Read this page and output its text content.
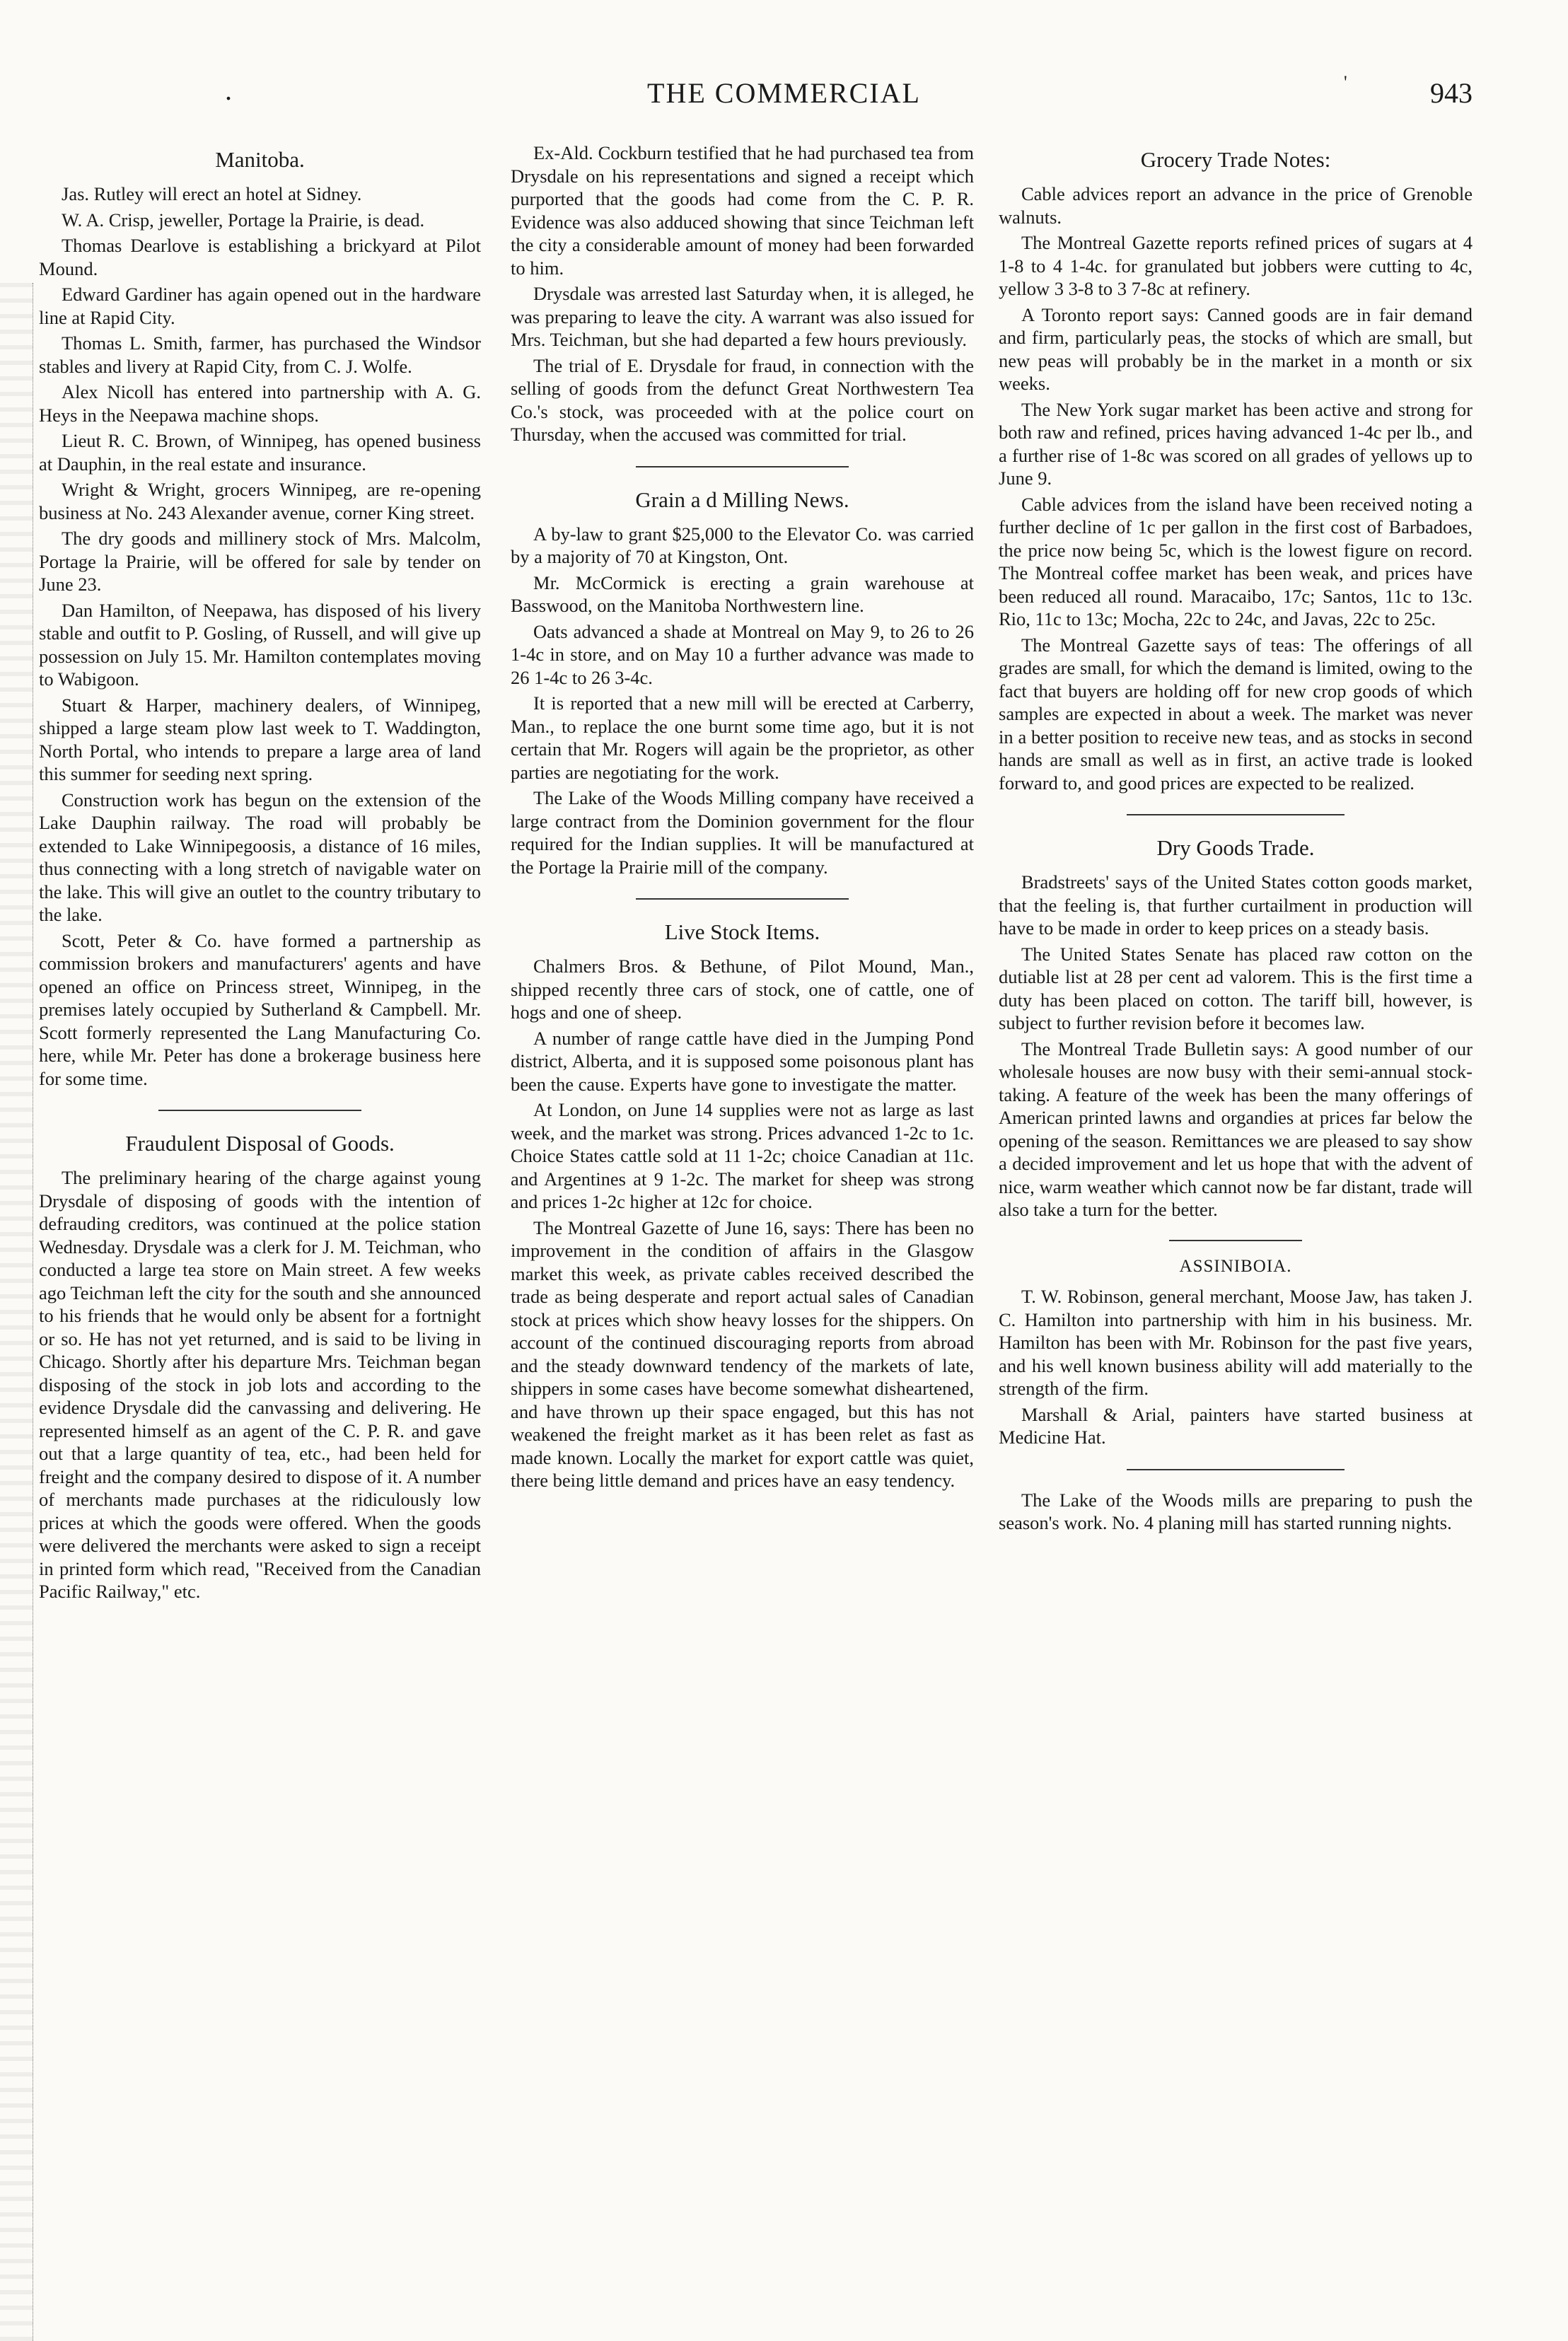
.	THE COMMERCIAL	'	943
Manitoba.

Jas. Rutley will erect an hotel at Sidney.

W. A. Crisp, jeweller, Portage la Prairie, is dead.

Thomas Dearlove is establishing a brickyard at Pilot Mound.

Edward Gardiner has again opened out in the hardware line at Rapid City.

Thomas L. Smith, farmer, has purchased the Windsor stables and livery at Rapid City, from C. J. Wolfe.

Alex Nicoll has entered into partnership with A. G. Heys in the Neepawa machine shops.

Lieut R. C. Brown, of Winnipeg, has opened business at Dauphin, in the real estate and insurance.

Wright & Wright, grocers Winnipeg, are re-opening business at No. 243 Alexander avenue, corner King street.

The dry goods and millinery stock of Mrs. Malcolm, Portage la Prairie, will be offered for sale by tender on June 23.

Dan Hamilton, of Neepawa, has disposed of his livery stable and outfit to P. Gosling, of Russell, and will give up possession on July 15. Mr. Hamilton contemplates moving to Wabigoon.

Stuart & Harper, machinery dealers, of Winnipeg, shipped a large steam plow last week to T. Waddington, North Portal, who intends to prepare a large area of land this summer for seeding next spring.

Construction work has begun on the extension of the Lake Dauphin railway. The road will probably be extended to Lake Winnipegoosis, a distance of 16 miles, thus connecting with a long stretch of navigable water on the lake. This will give an outlet to the country tributary to the lake.

Scott, Peter & Co. have formed a partnership as commission brokers and manufacturers' agents and have opened an office on Princess street, Winnipeg, in the premises lately occupied by Sutherland & Campbell. Mr. Scott formerly represented the Lang Manufacturing Co. here, while Mr. Peter has done a brokerage business here for some time.

Fraudulent Disposal of Goods.

The preliminary hearing of the charge against young Drysdale of disposing of goods with the intention of defrauding creditors, was continued at the police station Wednesday. Drysdale was a clerk for J. M. Teichman, who conducted a large tea store on Main street. A few weeks ago Teichman left the city for the south and she announced to his friends that he would only be absent for a fortnight or so. He has not yet returned, and is said to be living in Chicago. Shortly after his departure Mrs. Teichman began disposing of the stock in job lots and according to the evidence Drysdale did the canvassing and delivering. He represented himself as an agent of the C. P. R. and gave out that a large quantity of tea, etc., had been held for freight and the company desired to dispose of it. A number of merchants made purchases at the ridiculously low prices at which the goods were offered. When the goods were delivered the merchants were asked to sign a receipt in printed form which read, "Received from the Canadian Pacific Railway," etc.

Ex-Ald. Cockburn testified that he had purchased tea from Drysdale on his representations and signed a receipt which purported that the goods had come from the C. P. R. Evidence was also adduced showing that since Teichman left the city a considerable amount of money had been forwarded to him.

Drysdale was arrested last Saturday when, it is alleged, he was preparing to leave the city. A warrant was also issued for Mrs. Teichman, but she had departed a few hours previously.

The trial of E. Drysdale for fraud, in connection with the selling of goods from the defunct Great Northwestern Tea Co.'s stock, was proceeded with at the police court on Thursday, when the accused was committed for trial.

Grain a d Milling News.

A by-law to grant $25,000 to the Elevator Co. was carried by a majority of 70 at Kingston, Ont.

Mr. McCormick is erecting a grain warehouse at Basswood, on the Manitoba Northwestern line.

Oats advanced a shade at Montreal on May 9, to 26 to 26 1-4c in store, and on May 10 a further advance was made to 26 1-4c to 26 3-4c.

It is reported that a new mill will be erected at Carberry, Man., to replace the one burnt some time ago, but it is not certain that Mr. Rogers will again be the proprietor, as other parties are negotiating for the work.

The Lake of the Woods Milling company have received a large contract from the Dominion government for the flour required for the Indian supplies. It will be manufactured at the Portage la Prairie mill of the company.

Live Stock Items.

Chalmers Bros. & Bethune, of Pilot Mound, Man., shipped recently three cars of stock, one of cattle, one of hogs and one of sheep.

A number of range cattle have died in the Jumping Pond district, Alberta, and it is supposed some poisonous plant has been the cause. Experts have gone to investigate the matter.

At London, on June 14 supplies were not as large as last week, and the market was strong. Prices advanced 1-2c to 1c. Choice States cattle sold at 11 1-2c; choice Canadian at 11c. and Argentines at 9 1-2c. The market for sheep was strong and prices 1-2c higher at 12c for choice.

The Montreal Gazette of June 16, says: There has been no improvement in the condition of affairs in the Glasgow market this week, as private cables received described the trade as being desperate and report actual sales of Canadian stock at prices which show heavy losses for the shippers. On account of the continued discouraging reports from abroad and the steady downward tendency of the markets of late, shippers in some cases have become somewhat disheartened, and have thrown up their space engaged, but this has not weakened the freight market as it has been relet as fast as made known. Locally the market for export cattle was quiet, there being little demand and prices have an easy tendency.

Grocery Trade Notes:

Cable advices report an advance in the price of Grenoble walnuts.

The Montreal Gazette reports refined prices of sugars at 4 1-8 to 4 1-4c. for granulated but jobbers were cutting to 4c, yellow 3 3-8 to 3 7-8c at refinery.

A Toronto report says: Canned goods are in fair demand and firm, particularly peas, the stocks of which are small, but new peas will probably be in the market in a month or six weeks.

The New York sugar market has been active and strong for both raw and refined, prices having advanced 1-4c per lb., and a further rise of 1-8c was scored on all grades of yellows up to June 9.

Cable advices from the island have been received noting a further decline of 1c per gallon in the first cost of Barbadoes, the price now being 5c, which is the lowest figure on record. The Montreal coffee market has been weak, and prices have been reduced all round. Maracaibo, 17c; Santos, 11c to 13c. Rio, 11c to 13c; Mocha, 22c to 24c, and Javas, 22c to 25c.

The Montreal Gazette says of teas: The offerings of all grades are small, for which the demand is limited, owing to the fact that buyers are holding off for new crop goods of which samples are expected in about a week. The market was never in a better position to receive new teas, and as stocks in second hands are small as well as in first, an active trade is looked forward to, and good prices are expected to be realized.

Dry Goods Trade.

Bradstreets' says of the United States cotton goods market, that the feeling is, that further curtailment in production will have to be made in order to keep prices on a steady basis.

The United States Senate has placed raw cotton on the dutiable list at 28 per cent ad valorem. This is the first time a duty has been placed on cotton. The tariff bill, however, is subject to further revision before it becomes law.

The Montreal Trade Bulletin says: A good number of our wholesale houses are now busy with their semi-annual stock-taking. A feature of the week has been the many offerings of American printed lawns and organdies at prices far below the opening of the season. Remittances we are pleased to say show a decided improvement and let us hope that with the advent of nice, warm weather which cannot now be far distant, trade will also take a turn for the better.

ASSINIBOIA.

T. W. Robinson, general merchant, Moose Jaw, has taken J. C. Hamilton into partnership with him in his business. Mr. Hamilton has been with Mr. Robinson for the past five years, and his well known business ability will add materially to the strength of the firm.

Marshall & Arial, painters have started business at Medicine Hat.

The Lake of the Woods mills are preparing to push the season's work. No. 4 planing mill has started running nights.
